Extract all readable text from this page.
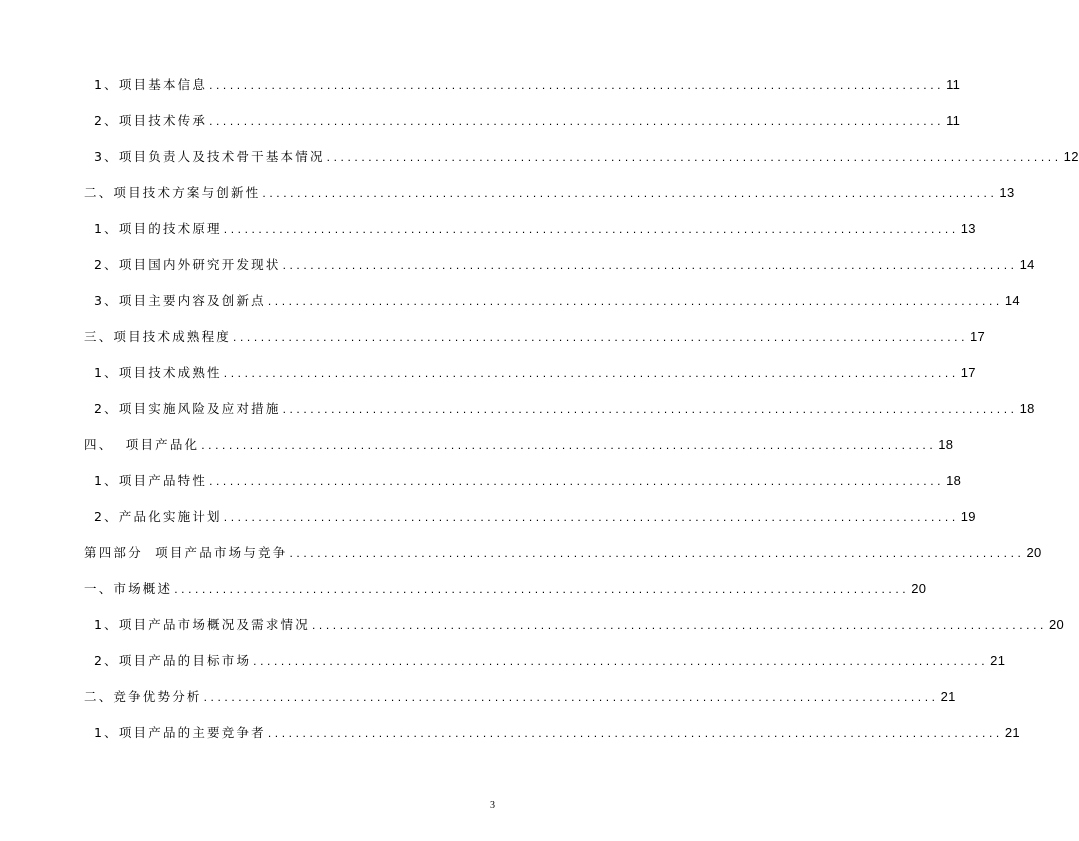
1、项目基本信息 .......................................................................................................... 11
2、项目技术传承 .......................................................................................................... 11
3、项目负责人及技术骨干基本情况 .......................................................................................................... 12
二、项目技术方案与创新性 .......................................................................................................... 13
1、项目的技术原理 .......................................................................................................... 13
2、项目国内外研究开发现状 .......................................................................................................... 14
3、项目主要内容及创新点 .......................................................................................................... 14
三、项目技术成熟程度 .......................................................................................................... 17
1、项目技术成熟性 .......................................................................................................... 17
2、项目实施风险及应对措施 .......................................................................................................... 18
四、  项目产品化 .......................................................................................................... 18
1、项目产品特性 .......................................................................................................... 18
2、产品化实施计划 .......................................................................................................... 19
第四部分  项目产品市场与竞争 .......................................................................................................... 20
一、市场概述 .......................................................................................................... 20
1、项目产品市场概况及需求情况 .......................................................................................................... 20
2、项目产品的目标市场 .......................................................................................................... 21
二、竞争优势分析 .......................................................................................................... 21
1、项目产品的主要竞争者 .......................................................................................................... 21
3
